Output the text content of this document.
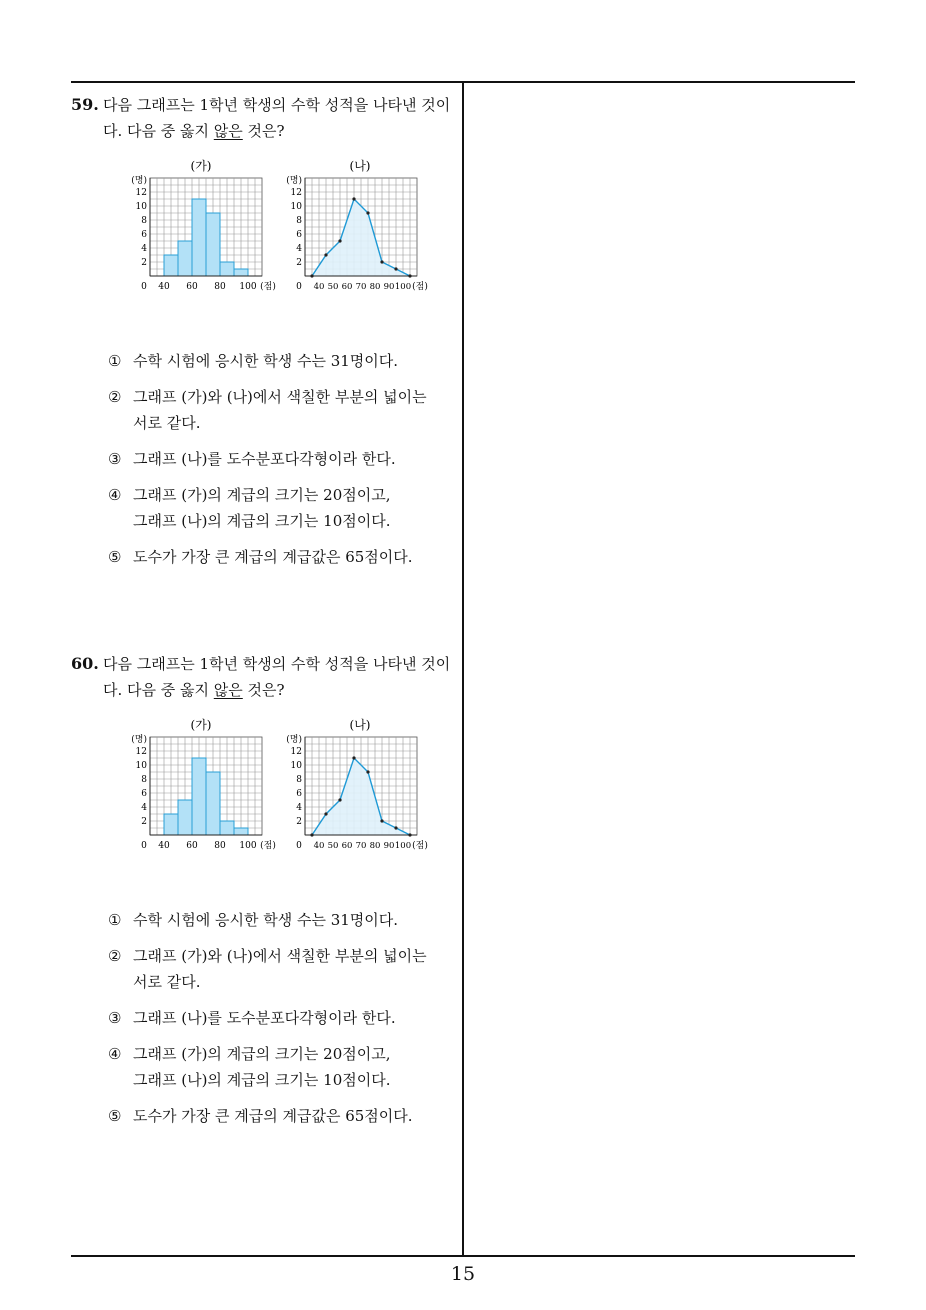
59. 다음 그래프는 1학년 학생의 수학 성적을 나타낸 것이
다. 다음 중 옳지 않은 것은?
(가)	(나)
(명)
2
4
6
8
10
12
0 40 60 80 100 (점)
(명)
2
4
6
8
10
12
0 40 50 60 70 80 90 100 (점)
① 수학 시험에 응시한 학생 수는 31명이다.
② 그래프 (가)와 (나)에서 색칠한 부분의 넓이는
서로 같다.
③ 그래프 (나)를 도수분포다각형이라 한다.
④ 그래프 (가)의 계급의 크기는 20점이고,
그래프 (나)의 계급의 크기는 10점이다.
⑤ 도수가 가장 큰 계급의 계급값은 65점이다.
60. 다음 그래프는 1학년 학생의 수학 성적을 나타낸 것이
다. 다음 중 옳지 않은 것은?
(가)	(나)
(명)
2
4
6
8
10
12
0 40 60 80 100 (점)
(명)
2
4
6
8
10
12
0 40 50 60 70 80 90 100 (점)
① 수학 시험에 응시한 학생 수는 31명이다.
② 그래프 (가)와 (나)에서 색칠한 부분의 넓이는
서로 같다.
③ 그래프 (나)를 도수분포다각형이라 한다.
④ 그래프 (가)의 계급의 크기는 20점이고,
그래프 (나)의 계급의 크기는 10점이다.
⑤ 도수가 가장 큰 계급의 계급값은 65점이다.
15
